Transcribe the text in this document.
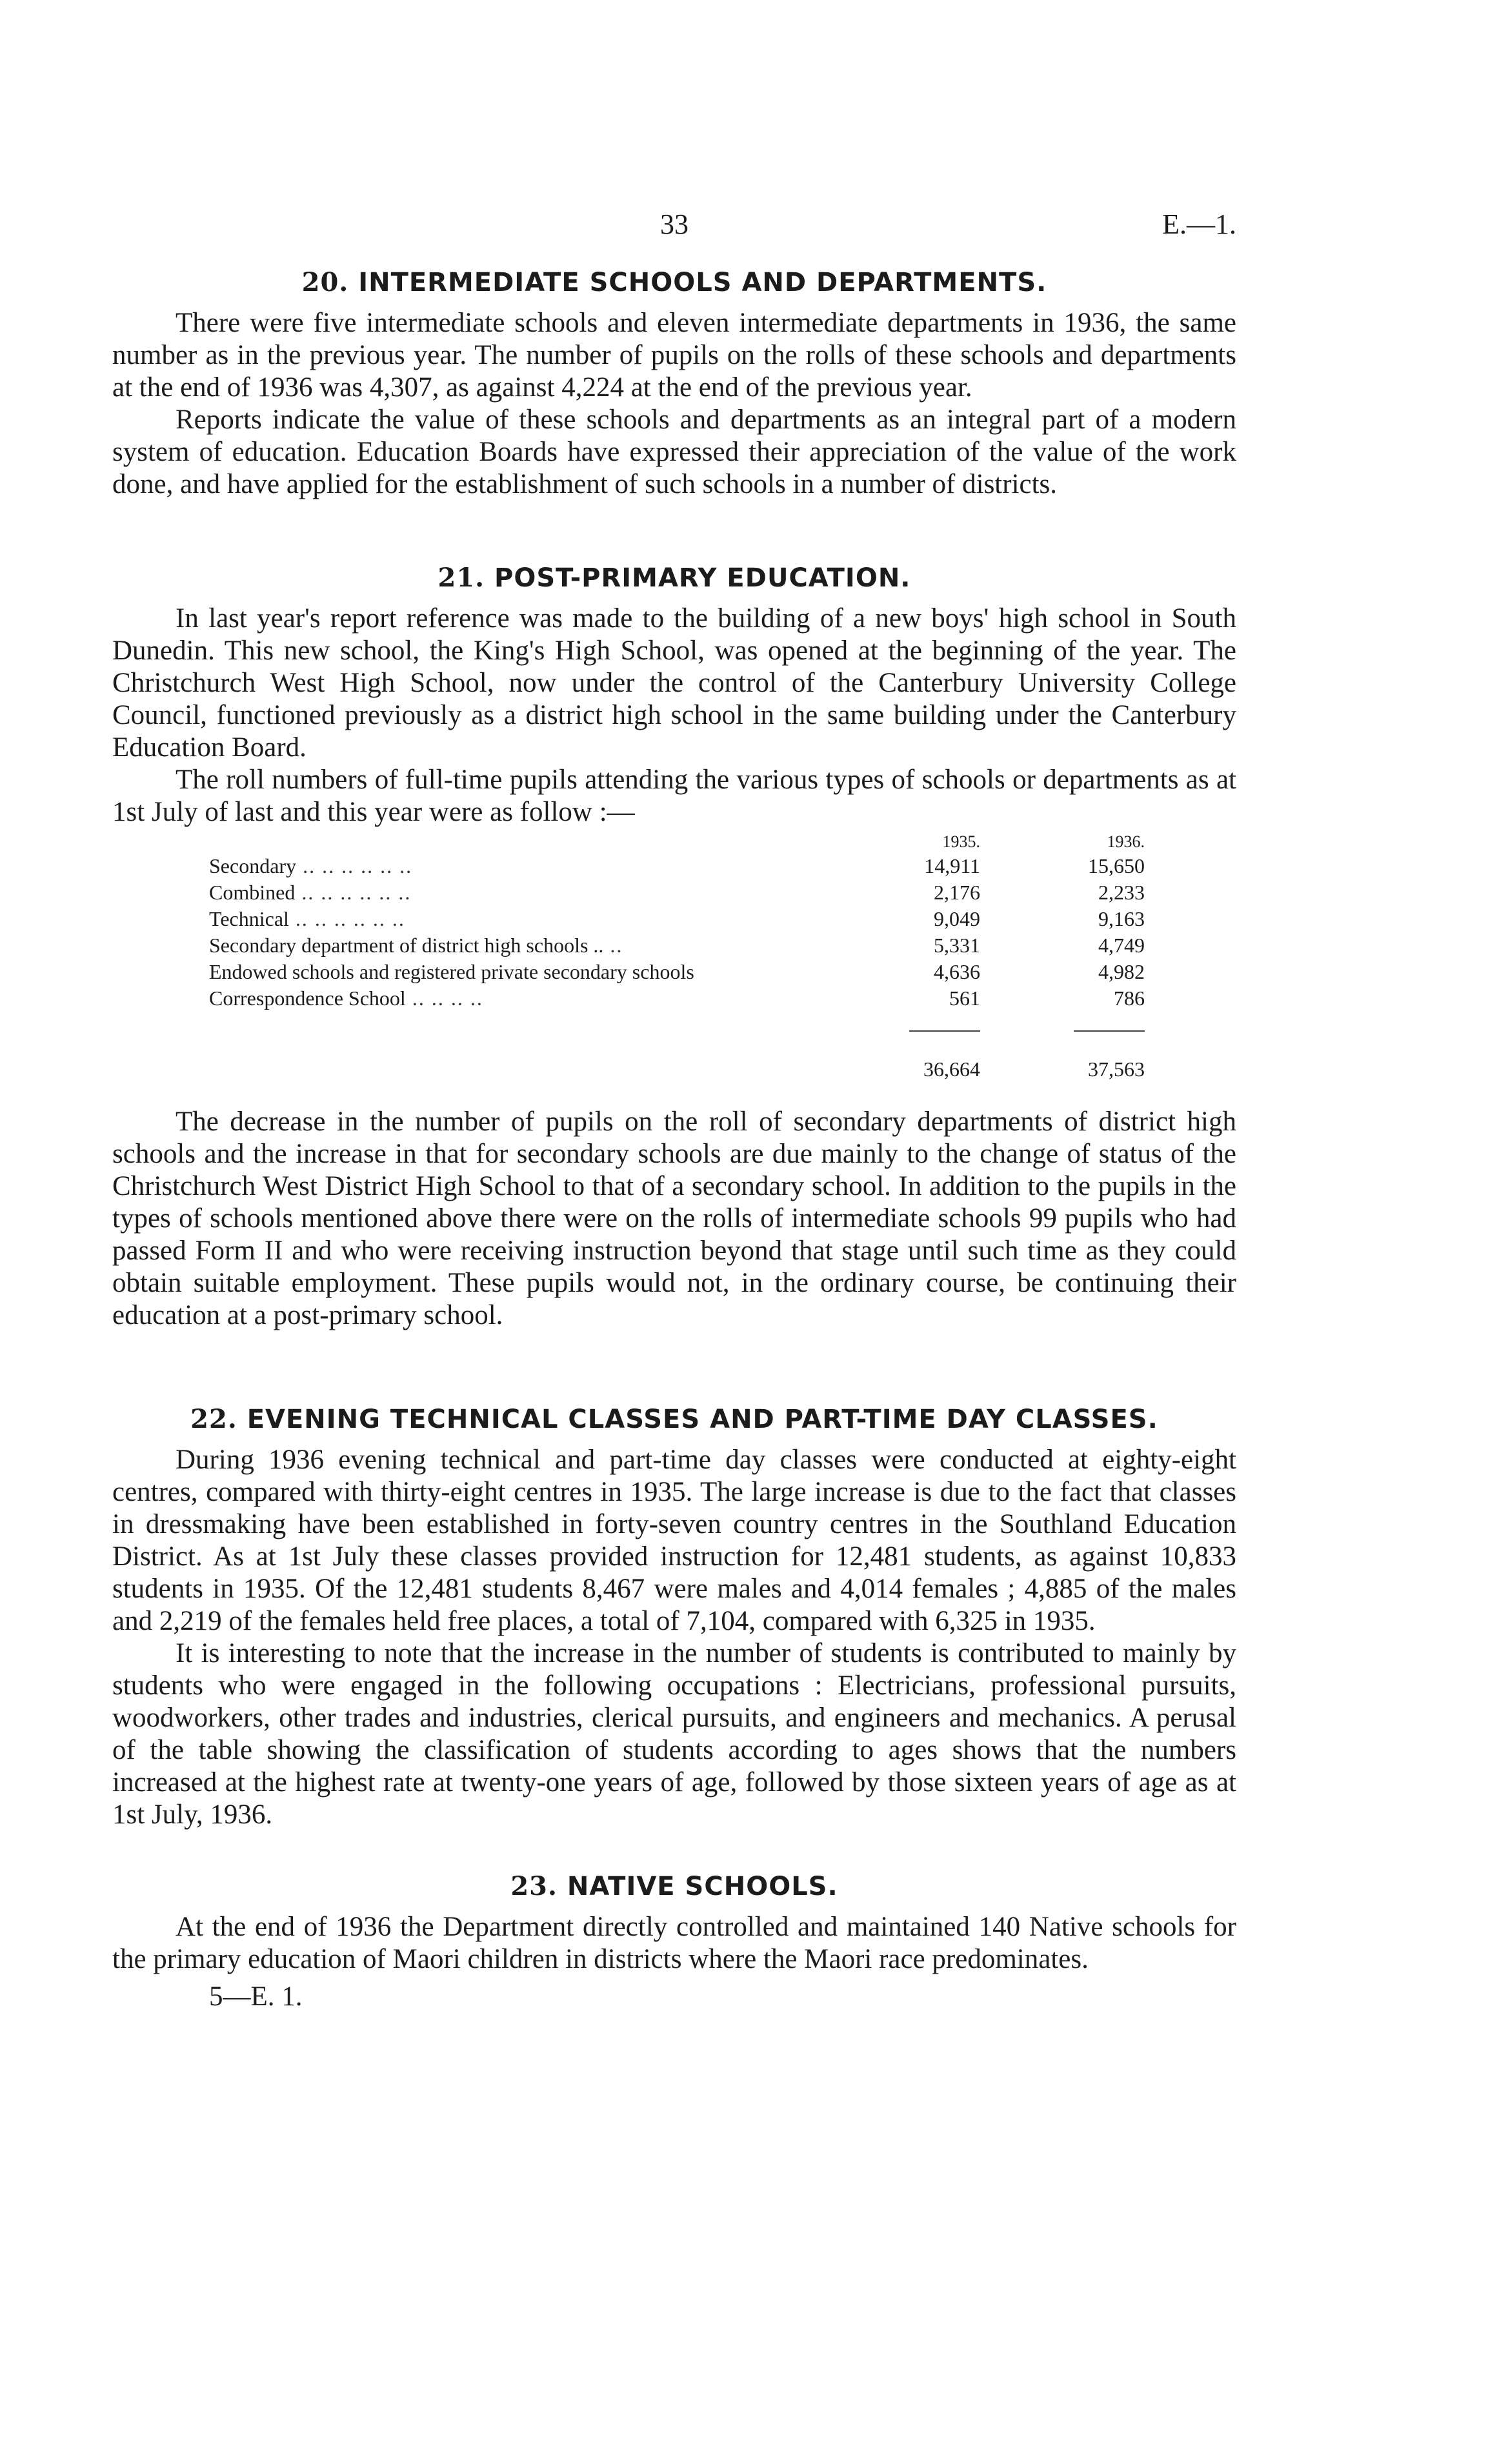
33	E.—1.
20. INTERMEDIATE SCHOOLS AND DEPARTMENTS.

There were five intermediate schools and eleven intermediate departments in 1936, the same number as in the previous year. The number of pupils on the rolls of these schools and departments at the end of 1936 was 4,307, as against 4,224 at the end of the previous year.

Reports indicate the value of these schools and departments as an integral part of a modern system of education. Education Boards have expressed their appreciation of the value of the work done, and have applied for the establishment of such schools in a number of districts.

21. POST-PRIMARY EDUCATION.

In last year's report reference was made to the building of a new boys' high school in South Dunedin. This new school, the King's High School, was opened at the beginning of the year. The Christchurch West High School, now under the control of the Canterbury University College Council, functioned previously as a district high school in the same building under the Canterbury Education Board.

The roll numbers of full-time pupils attending the various types of schools or departments as at 1st July of last and this year were as follow :—

	1935.	1936.
Secondary .. .. .. .. .. ..	14,911	15,650
Combined .. .. .. .. .. ..	2,176	2,233
Technical .. .. .. .. .. ..	9,049	9,163
Secondary department of district high schools .. ..	5,331	4,749
Endowed schools and registered private secondary schools	4,636	4,982
Correspondence School .. .. .. ..	561	786

	36,664	37,563

The decrease in the number of pupils on the roll of secondary departments of district high schools and the increase in that for secondary schools are due mainly to the change of status of the Christchurch West District High School to that of a secondary school. In addition to the pupils in the types of schools mentioned above there were on the rolls of intermediate schools 99 pupils who had passed Form II and who were receiving instruction beyond that stage until such time as they could obtain suitable employment. These pupils would not, in the ordinary course, be continuing their education at a post-primary school.

22. EVENING TECHNICAL CLASSES AND PART-TIME DAY CLASSES.

During 1936 evening technical and part-time day classes were conducted at eighty-eight centres, compared with thirty-eight centres in 1935. The large increase is due to the fact that classes in dressmaking have been established in forty-seven country centres in the Southland Education District. As at 1st July these classes provided instruction for 12,481 students, as against 10,833 students in 1935. Of the 12,481 students 8,467 were males and 4,014 females ; 4,885 of the males and 2,219 of the females held free places, a total of 7,104, compared with 6,325 in 1935.

It is interesting to note that the increase in the number of students is contributed to mainly by students who were engaged in the following occupations : Electricians, professional pursuits, woodworkers, other trades and industries, clerical pursuits, and engineers and mechanics. A perusal of the table showing the classification of students according to ages shows that the numbers increased at the highest rate at twenty-one years of age, followed by those sixteen years of age as at 1st July, 1936.

23. NATIVE SCHOOLS.

At the end of 1936 the Department directly controlled and maintained 140 Native schools for the primary education of Maori children in districts where the Maori race predominates.

5—E. 1.
